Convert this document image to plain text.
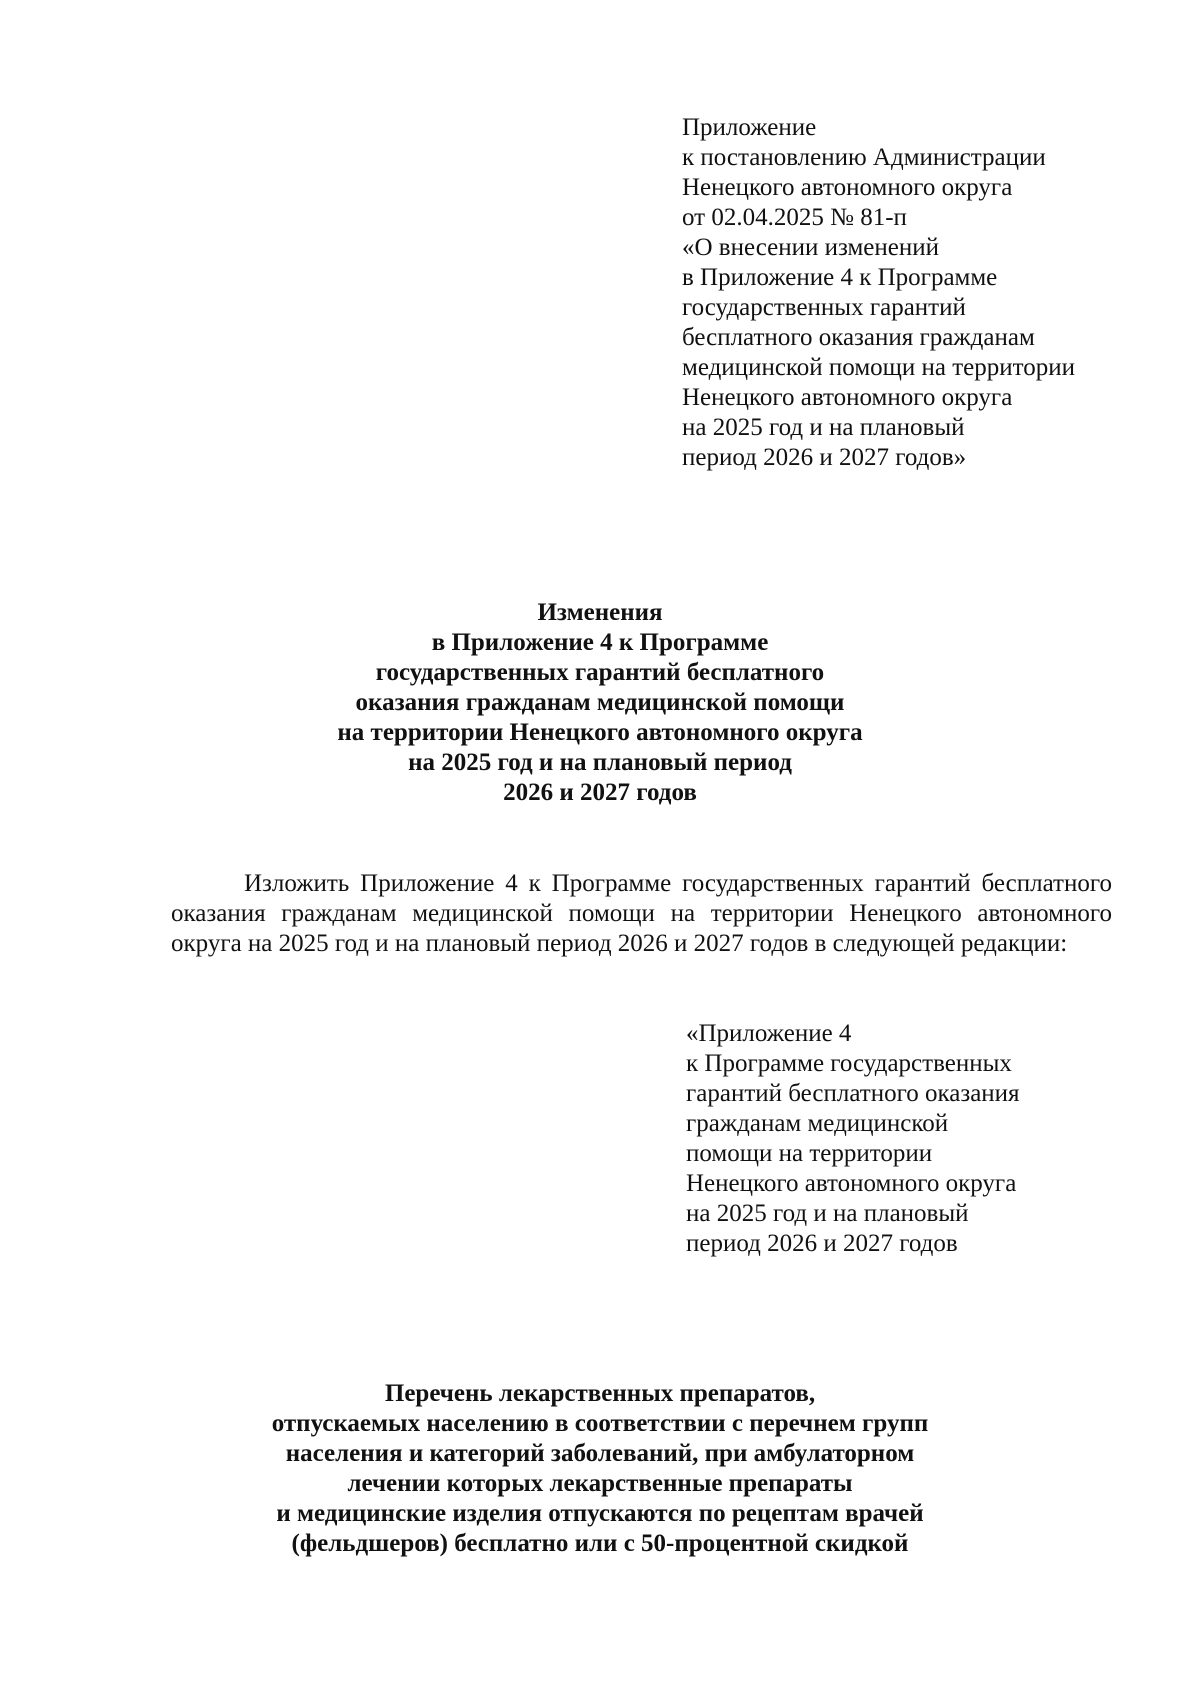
Приложение
к постановлению Администрации
Ненецкого автономного округа
от 02.04.2025 № 81-п
«О внесении изменений
в Приложение 4 к Программе
государственных гарантий
бесплатного оказания гражданам
медицинской помощи на территории
Ненецкого автономного округа
на 2025 год и на плановый
период 2026 и 2027 годов»
Изменения
в Приложение 4 к Программе
государственных гарантий бесплатного
оказания гражданам медицинской помощи
на территории Ненецкого автономного округа
на 2025 год и на плановый период
2026 и 2027 годов

Изложить Приложение 4 к Программе государственных гарантий бесплатного оказания гражданам медицинской помощи на территории Ненецкого автономного округа на 2025 год и на плановый период 2026 и 2027 годов в следующей редакции:

«Приложение 4
к Программе государственных
гарантий бесплатного оказания
гражданам медицинской
помощи на территории
Ненецкого автономного округа
на 2025 год и на плановый
период 2026 и 2027 годов
Перечень лекарственных препаратов,
отпускаемых населению в соответствии с перечнем групп
населения и категорий заболеваний, при амбулаторном
лечении которых лекарственные препараты
и медицинские изделия отпускаются по рецептам врачей
(фельдшеров) бесплатно или с 50-процентной скидкой
